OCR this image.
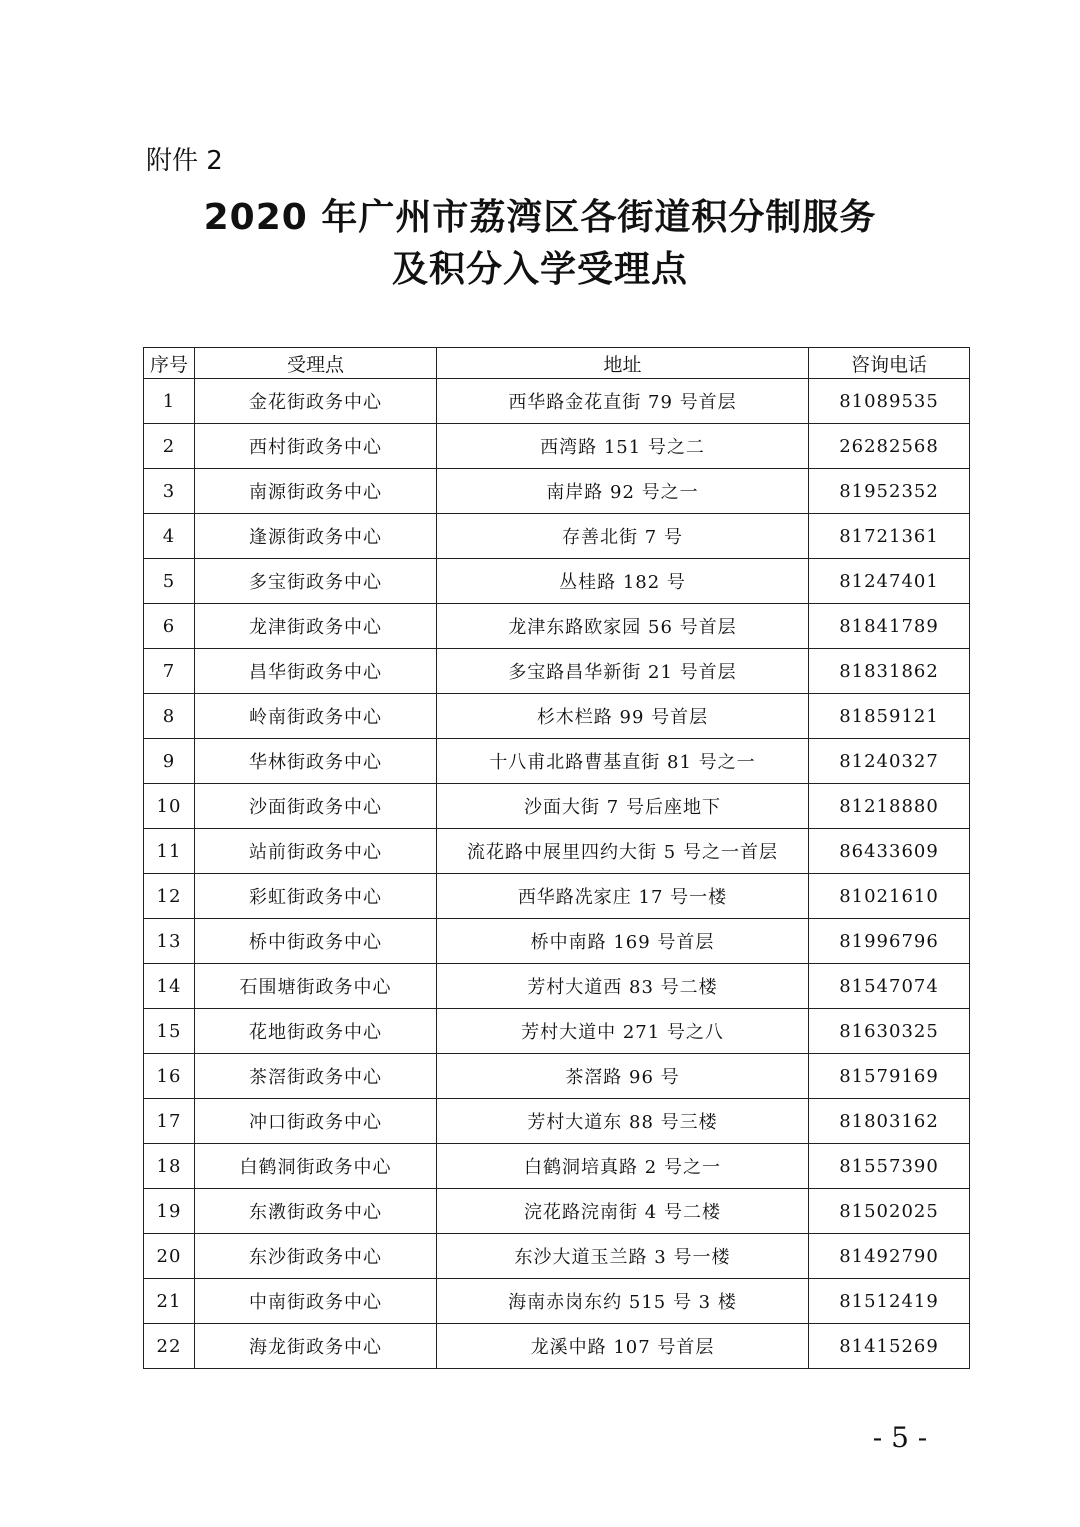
附件 2
2020 年广州市荔湾区各街道积分制服务
及积分入学受理点
序号	受理点	地址	咨询电话
1	金花街政务中心	西华路金花直街 79 号首层	81089535
2	西村街政务中心	西湾路 151 号之二	26282568
3	南源街政务中心	南岸路 92 号之一	81952352
4	逢源街政务中心	存善北街 7 号	81721361
5	多宝街政务中心	丛桂路 182 号	81247401
6	龙津街政务中心	龙津东路欧家园 56 号首层	81841789
7	昌华街政务中心	多宝路昌华新街 21 号首层	81831862
8	岭南街政务中心	杉木栏路 99 号首层	81859121
9	华林街政务中心	十八甫北路曹基直街 81 号之一	81240327
10	沙面街政务中心	沙面大街 7 号后座地下	81218880
11	站前街政务中心	流花路中展里四约大街 5 号之一首层	86433609
12	彩虹街政务中心	西华路冼家庄 17 号一楼	81021610
13	桥中街政务中心	桥中南路 169 号首层	81996796
14	石围塘街政务中心	芳村大道西 83 号二楼	81547074
15	花地街政务中心	芳村大道中 271 号之八	81630325
16	茶滘街政务中心	茶滘路 96 号	81579169
17	冲口街政务中心	芳村大道东 88 号三楼	81803162
18	白鹤洞街政务中心	白鹤洞培真路 2 号之一	81557390
19	东漖街政务中心	浣花路浣南街 4 号二楼	81502025
20	东沙街政务中心	东沙大道玉兰路 3 号一楼	81492790
21	中南街政务中心	海南赤岗东约 515 号 3 楼	81512419
22	海龙街政务中心	龙溪中路 107 号首层	81415269
- 5 -
